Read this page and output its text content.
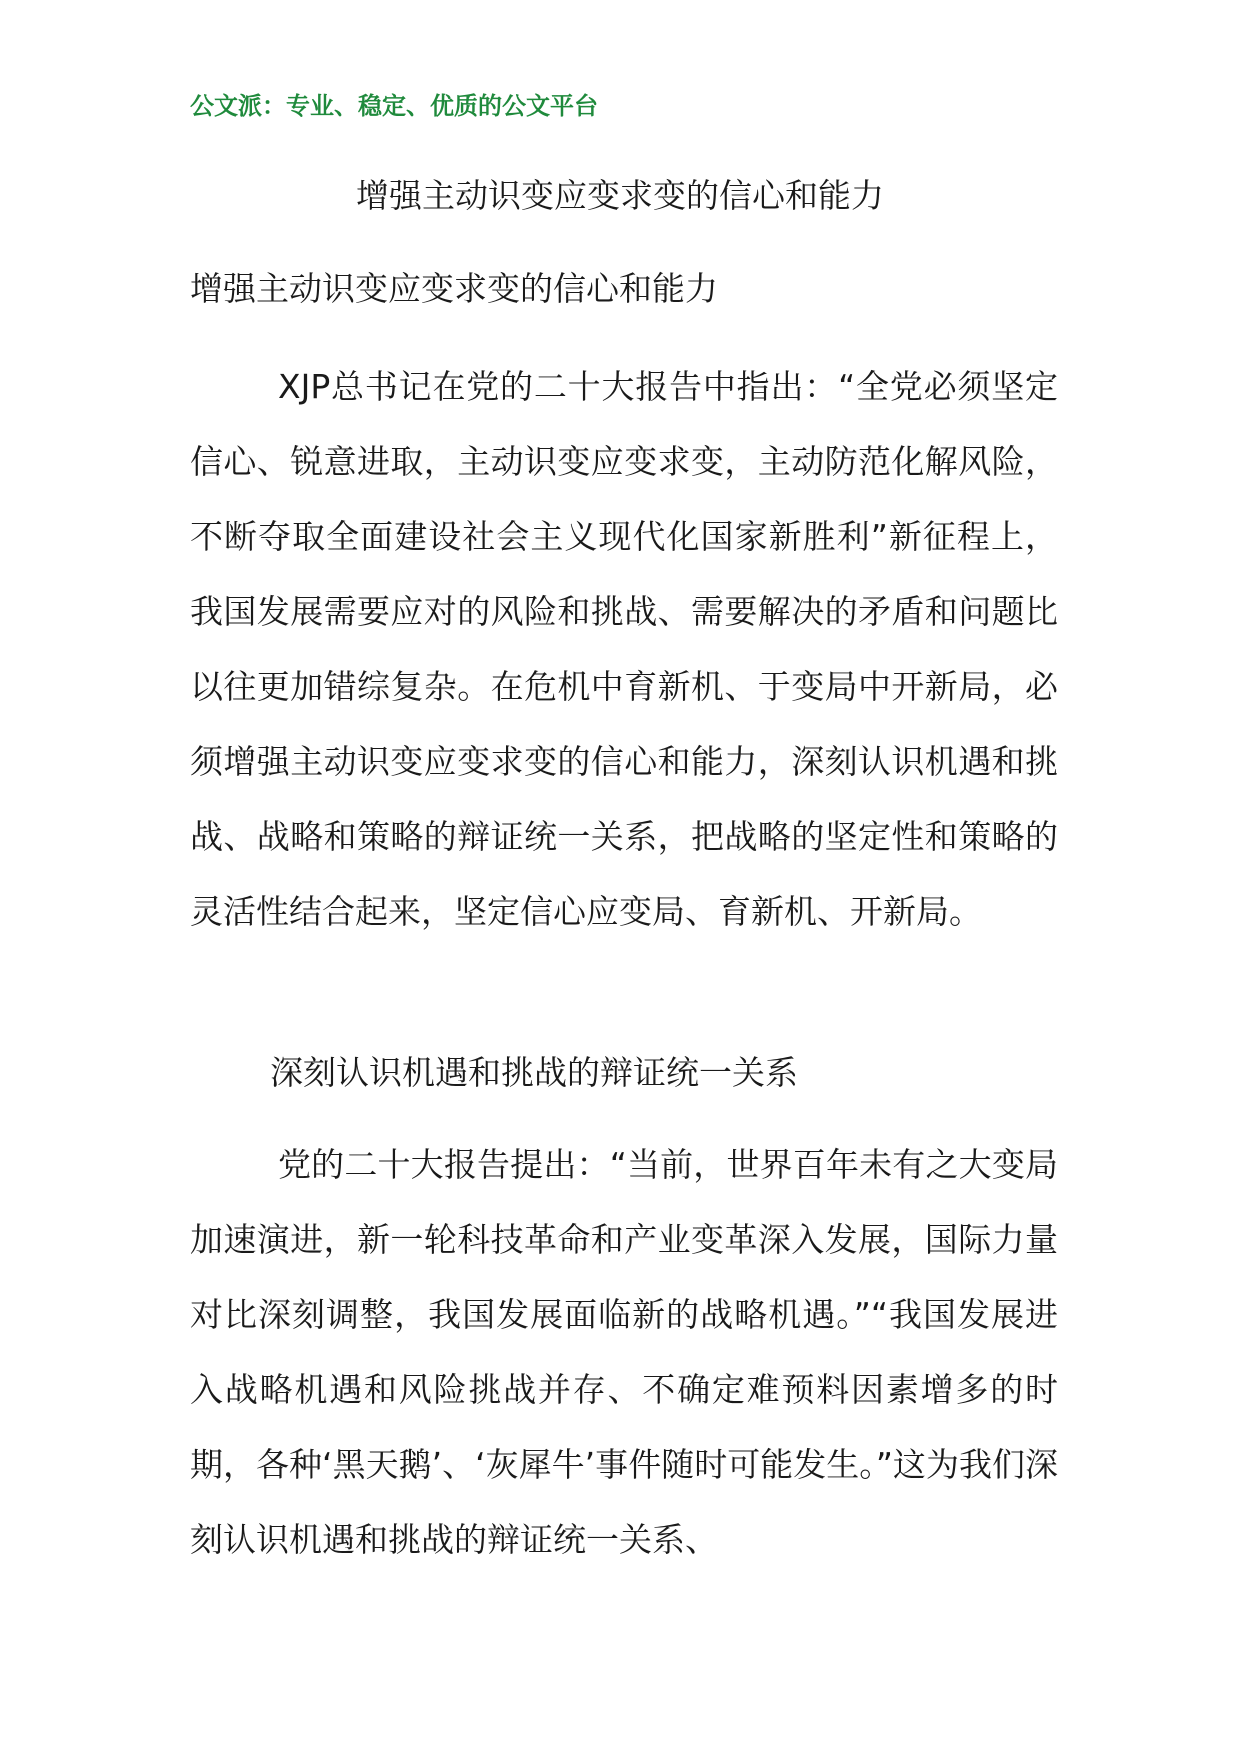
公文派：专业、稳定、优质的公文平台
增强主动识变应变求变的信心和能力
增强主动识变应变求变的信心和能力

XJP总书记在党的二十大报告中指出：“全党必须坚定信心、锐意进取，主动识变应变求变，主动防范化解风险，不断夺取全面建设社会主义现代化国家新胜利”新征程上，我国发展需要应对的风险和挑战、需要解决的矛盾和问题比以往更加错综复杂。在危机中育新机、于变局中开新局，必须增强主动识变应变求变的信心和能力，深刻认识机遇和挑战、战略和策略的辩证统一关系，把战略的坚定性和策略的灵活性结合起来，坚定信心应变局、育新机、开新局。

深刻认识机遇和挑战的辩证统一关系

党的二十大报告提出：“当前，世界百年未有之大变局加速演进，新一轮科技革命和产业变革深入发展，国际力量对比深刻调整，我国发展面临新的战略机遇。”“我国发展进入战略机遇和风险挑战并存、不确定难预料因素增多的时期，各种‘黑天鹅’、‘灰犀牛’事件随时可能发生。”这为我们深刻认识机遇和挑战的辩证统一关系、
